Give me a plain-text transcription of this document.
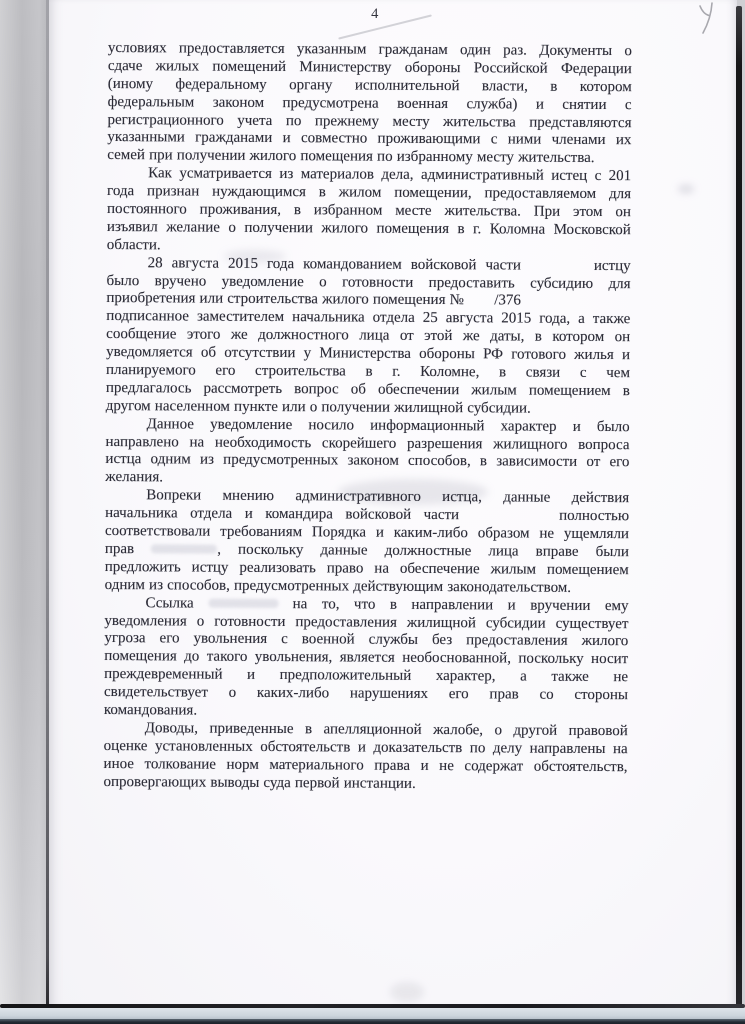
4
условиях предоставляется указанным гражданам один раз. Документы о
сдаче жилых помещений Министерству обороны Российской Федерации
(иному федеральному органу исполнительной власти, в котором
федеральным законом предусмотрена военная служба) и снятии с
регистрационного учета по прежнему месту жительства представляются
указанными гражданами и совместно проживающими с ними членами их
семей при получении жилого помещения по избранному месту жительства.
Как усматривается из материалов дела, административный истец с 201
года признан нуждающимся в жилом помещении, предоставляемом для
постоянного проживания, в избранном месте жительства. При этом он
изъявил желание о получении жилого помещения в г. Коломна Московской
области.
28 августа 2015 года командованием войсковой части	истцу
было вручено уведомление о готовности предоставить субсидию для
приобретения или строительства жилого помещения №  /376
подписанное заместителем начальника отдела 25 августа 2015 года, а также
сообщение этого же должностного лица от этой же даты, в котором он
уведомляется об отсутствии у Министерства обороны РФ готового жилья и
планируемого его строительства в г. Коломне, в связи с чем
предлагалось рассмотреть вопрос об обеспечении жилым помещением в
другом населенном пункте или о получении жилищной субсидии.
Данное уведомление носило информационный характер и было
направлено на необходимость скорейшего разрешения жилищного вопроса
истца одним из предусмотренных законом способов, в зависимости от его
желания.
Вопреки мнению административного истца, данные действия
начальника отдела и командира войсковой части	полностью
соответствовали требованиям Порядка и каким-либо образом не ущемляли
прав	, поскольку данные должностные лица вправе были
предложить истцу реализовать право на обеспечение жилым помещением
одним из способов, предусмотренных действующим законодательством.
Ссылка	на то, что в направлении и вручении ему
уведомления о готовности предоставления жилищной субсидии существует
угроза его увольнения с военной службы без предоставления жилого
помещения до такого увольнения, является необоснованной, поскольку носит
преждевременный и предположительный характер, а также не
свидетельствует о каких-либо нарушениях его прав со стороны
командования.
Доводы, приведенные в апелляционной жалобе, о другой правовой
оценке установленных обстоятельств и доказательств по делу направлены на
иное толкование норм материального права и не содержат обстоятельств,
опровергающих выводы суда первой инстанции.
